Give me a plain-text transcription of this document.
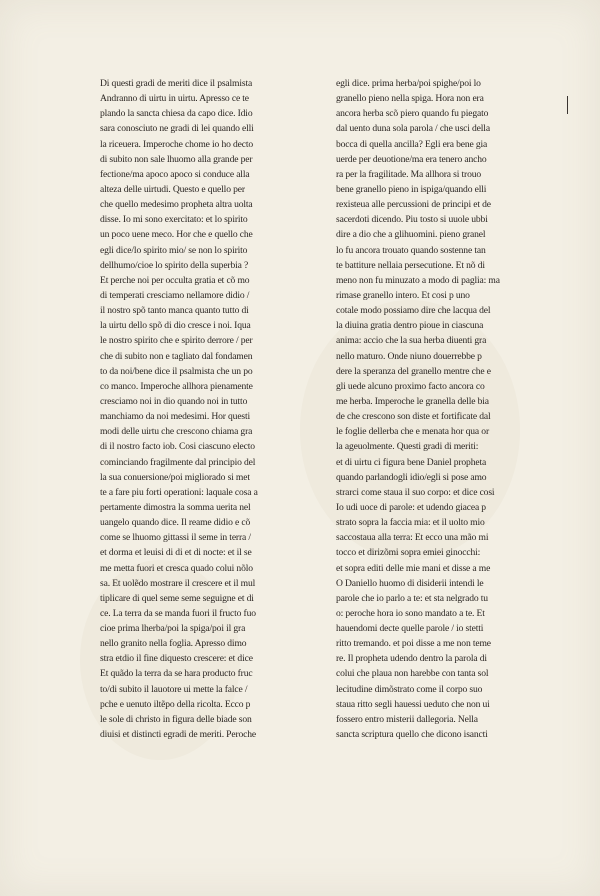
Di questi gradi de meriti dice il psalmista
Andranno di uirtu in uirtu. Apresso ce te
plando la sancta chiesa da capo dice. Idio
sara conosciuto ne gradi di lei quando elli
la riceuera. Imperoche chome io ho decto
di subito non sale lhuomo alla grande per
fectione/ma apoco apoco si conduce alla
alteza delle uirtudi. Questo e quello per
che quello medesimo propheta altra uolta
disse. Io mi sono exercitato: et lo spirito
un poco uene meco. Hor che e quello che
egli dice/lo spirito mio/ se non lo spirito
dellhumo/cioe lo spirito della superbia ?
Et perche noi per occulta gratia et cõ mo
di temperati cresciamo nellamore didio /
il nostro spõ tanto manca quanto tutto di
la uirtu dello spõ di dio cresce i noi. Iqua
le nostro spirito che e spirito derrore / per
che di subito non e tagliato dal fondamen
to da noi/bene dice il psalmista che un po
co manco. Imperoche allhora pienamente
cresciamo noi in dio quando noi in tutto
manchiamo da noi medesimi. Hor questi
modi delle uirtu che crescono chiama gra
di il nostro facto iob. Cosi ciascuno electo
cominciando fragilmente dal principio del
la sua conuersione/poi migliorado si met
te a fare piu forti operationi: laquale cosa a
pertamente dimostra la somma uerita nel
uangelo quando dice. Il reame didio e cõ
come se lhuomo gittassi il seme in terra /
et dorma et leuisi di di et di nocte: et il se
me metta fuori et cresca quado colui nõlo
sa. Et uolẽdo mostrare il crescere et il mul
tiplicare di quel seme seme seguigne et di
ce. La terra da se manda fuori il fructo fuo
cioe prima lherba/poi la spiga/poi il gra
nello granito nella foglia. Apresso dimo
stra etdio il fine diquesto crescere: et dice
Et quãdo la terra da se hara producto fruc
to/di subito il lauotore ui mette la falce /
pche e uenuto iltẽpo della ricolta. Ecco p
le sole di christo in figura delle biade son
diuisi et distincti egradi de meriti. Peroche
egli dice. prima herba/poi spighe/poi lo
granello pieno nella spiga. Hora non era
ancora herba scõ piero quando fu piegato
dal uento duna sola parola / che usci della
bocca di quella ancilla? Egli era bene gia
uerde per deuotione/ma era tenero ancho
ra per la fragilitade. Ma allhora si trouo
bene granello pieno in ispiga/quando elli
rexisteua alle percussioni de principi et de
sacerdoti dicendo. Piu tosto si uuole ubbi
dire a dio che a glihuomini. pieno granel
lo fu ancora trouato quando sostenne tan
te battiture nellaia persecutione. Et nõ di
meno non fu minuzato a modo di paglia: ma
rimase granello intero. Et cosi p uno
cotale modo possiamo dire che lacqua del
la diuina gratia dentro pioue in ciascuna
anima: accio che la sua herba diuenti gra
nello maturo. Onde niuno douerrebbe p
dere la speranza del granello mentre che e
gli uede alcuno proximo facto ancora co
me herba. Imperoche le granella delle bia
de che crescono son diste et fortificate dal
le foglie dellerba che e menata hor qua or
la ageuolmente. Questi gradi di meriti:
et di uirtu ci figura bene Daniel propheta
quando parlandogli idio/egli si pose amo
strarci come staua il suo corpo: et dice cosi
Io udi uoce di parole: et udendo giacea p
strato sopra la faccia mia: et il uolto mio
saccostaua alla terra: Et ecco una mão mi
tocco et dirizõmi sopra emiei ginocchi:
et sopra editi delle mie mani et disse a me
O Daniello huomo di disiderii intendi le
parole che io parlo a te: et sta nelgrado tu
o: peroche hora io sono mandato a te. Et
hauendomi decte quelle parole / io stetti
ritto tremando. et poi disse a me non teme
re. Il propheta udendo dentro la parola di
colui che plaua non harebbe con tanta sol
lecitudine dimõstrato come il corpo suo
staua ritto segli hauessi ueduto che non ui
fossero entro misterii dallegoria. Nella
sancta scriptura quello che dicono isancti
